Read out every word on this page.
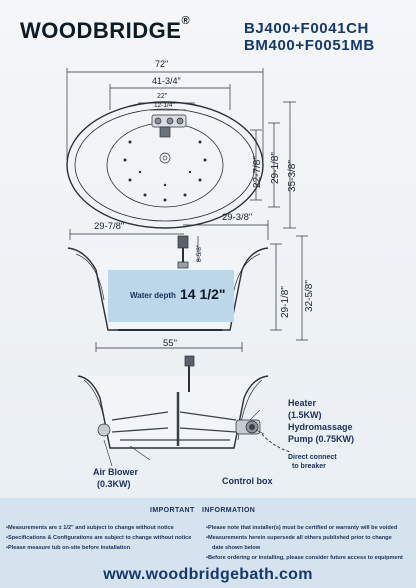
WOODBRIDGE®	BJ400+F0041CH
BM400+F0051MB
72"
41-3/4"
22"
12-1/4"
22-7/8" 29-1/8" 35-3/8"
29-7/8"
29-3/8"
8-5/8"
Water depth 14 1/2"
55"
29-1/8" 32-5/8"
Heater
(1.5KW)
Hydromassage
Pump (0.75KW)
Direct connect
to breaker
Air Blower
(0.3KW)	Control box
IMPORTANT INFORMATION
• Measurements are ± 1/2" and subject to change without notice
• Specifications & Configurations are subject to change without notice
• Please measure tub on-site before installation
• Please note that installer(s) must be certified or warranty will be voided
• Measurements herein supersede all others published prior to change
date shown below
• Before ordering or installing, please consider future access to equipment
www.woodbridgebath.com
